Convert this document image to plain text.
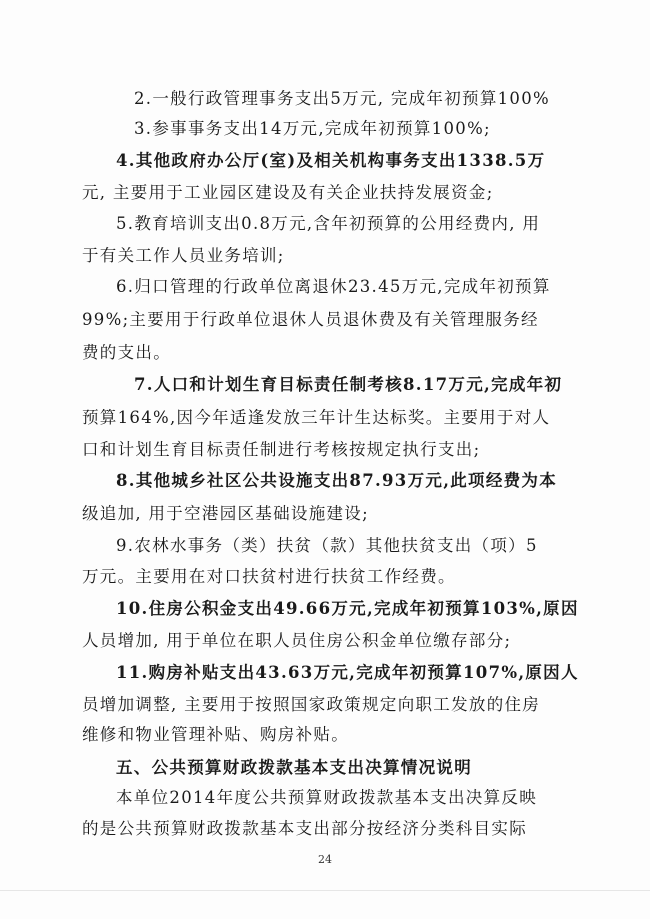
2.一般行政管理事务支出5万元, 完成年初预算100%
3.参事事务支出14万元,完成年初预算100%;
4.其他政府办公厅(室)及相关机构事务支出1338.5万
元, 主要用于工业园区建设及有关企业扶持发展资金;
5.教育培训支出0.8万元,含年初预算的公用经费内, 用
于有关工作人员业务培训;
6.归口管理的行政单位离退休23.45万元,完成年初预算
99%;主要用于行政单位退休人员退休费及有关管理服务经
费的支出。
7.人口和计划生育目标责任制考核8.17万元,完成年初
预算164%,因今年适逢发放三年计生达标奖。主要用于对人
口和计划生育目标责任制进行考核按规定执行支出;
8.其他城乡社区公共设施支出87.93万元,此项经费为本
级追加, 用于空港园区基础设施建设;
9.农林水事务（类）扶贫（款）其他扶贫支出（项）5
万元。主要用在对口扶贫村进行扶贫工作经费。
10.住房公积金支出49.66万元,完成年初预算103%,原因
人员增加, 用于单位在职人员住房公积金单位缴存部分;
11.购房补贴支出43.63万元,完成年初预算107%,原因人
员增加调整, 主要用于按照国家政策规定向职工发放的住房
维修和物业管理补贴、购房补贴。
五、公共预算财政拨款基本支出决算情况说明
本单位2014年度公共预算财政拨款基本支出决算反映
的是公共预算财政拨款基本支出部分按经济分类科目实际
24
